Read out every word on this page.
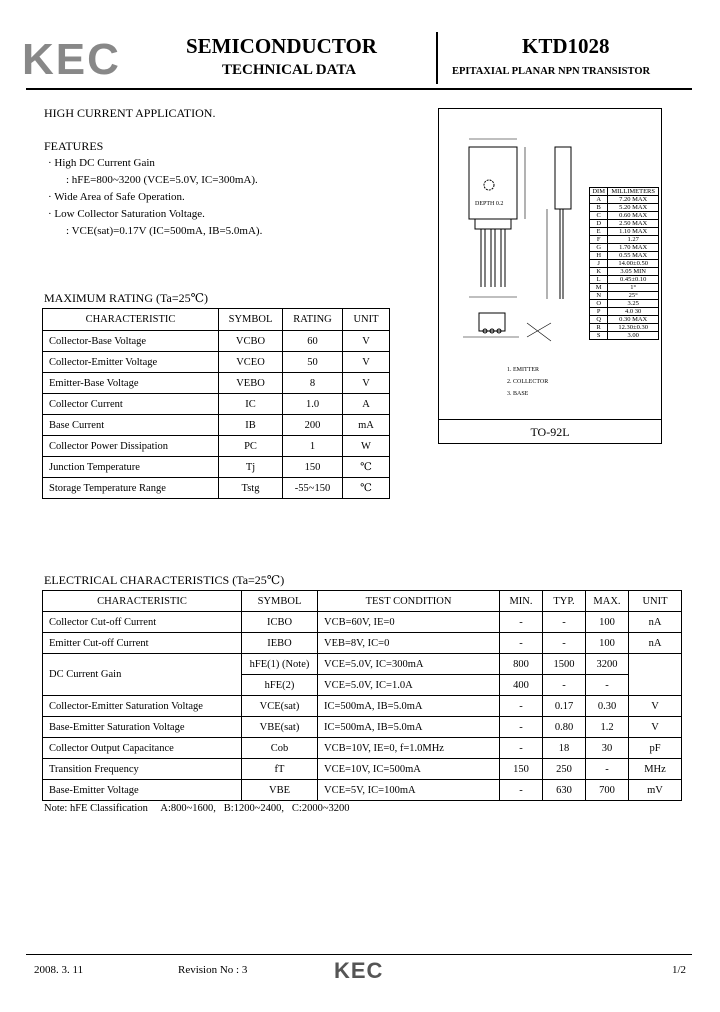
KEC	SEMICONDUCTOR
TECHNICAL DATA
KTD1028
EPITAXIAL PLANAR NPN TRANSISTOR
HIGH CURRENT APPLICATION.
FEATURES
· High DC Current Gain
: hFE=800~3200 (VCE=5.0V, IC=300mA).
· Wide Area of Safe Operation.
· Low Collector Saturation Voltage.
: VCE(sat)=0.17V (IC=500mA, IB=5.0mA).
MAXIMUM RATING (Ta=25℃)
CHARACTERISTIC	SYMBOL	RATING	UNIT
Collector-Base Voltage	VCBO	60	V
Collector-Emitter Voltage	VCEO	50	V
Emitter-Base Voltage	VEBO	8	V
Collector Current	IC	1.0	A
Base Current	IB	200	mA
Collector Power Dissipation	PC	1	W
Junction Temperature	Tj	150	℃
Storage Temperature Range	Tstg	-55~150	℃
DEPTH 0.2
1. EMITTER
2. COLLECTOR
3. BASE
DIM	MILLIMETERS
A	7.20 MAX
B	5.20 MAX
C	0.60 MAX
D	2.50 MAX
E	1.10 MAX
F	1.27
G	1.70 MAX
H	0.55 MAX
J	14.00±0.50
K	3.05 MIN
L	0.45±0.10
M	1°
N	25°
O	3.25
P	4.0 30
Q	0.30 MAX
R	12.30±0.30
S	3.00
TO-92L
ELECTRICAL CHARACTERISTICS (Ta=25℃)
CHARACTERISTIC	SYMBOL	TEST CONDITION	MIN.	TYP.	MAX.	UNIT
Collector Cut-off Current	ICBO	VCB=60V, IE=0	-	-	100	nA
Emitter Cut-off Current	IEBO	VEB=8V, IC=0	-	-	100	nA
DC Current Gain	hFE(1) (Note)	VCE=5.0V, IC=300mA	800	1500	3200	
	hFE(2)	VCE=5.0V, IC=1.0A	400	-	-	
Collector-Emitter Saturation Voltage	VCE(sat)	IC=500mA, IB=5.0mA	-	0.17	0.30	V
Base-Emitter Saturation Voltage	VBE(sat)	IC=500mA, IB=5.0mA	-	0.80	1.2	V
Collector Output Capacitance	Cob	VCB=10V, IE=0, f=1.0MHz	-	18	30	pF
Transition Frequency	fT	VCE=10V, IC=500mA	150	250	-	MHz
Base-Emitter Voltage	VBE	VCE=5V, IC=100mA	-	630	700	mV
Note: hFE Classification     A:800~1600,   B:1200~2400,   C:2000~3200
2008. 3. 11	Revision No : 3	KEC	1/2
